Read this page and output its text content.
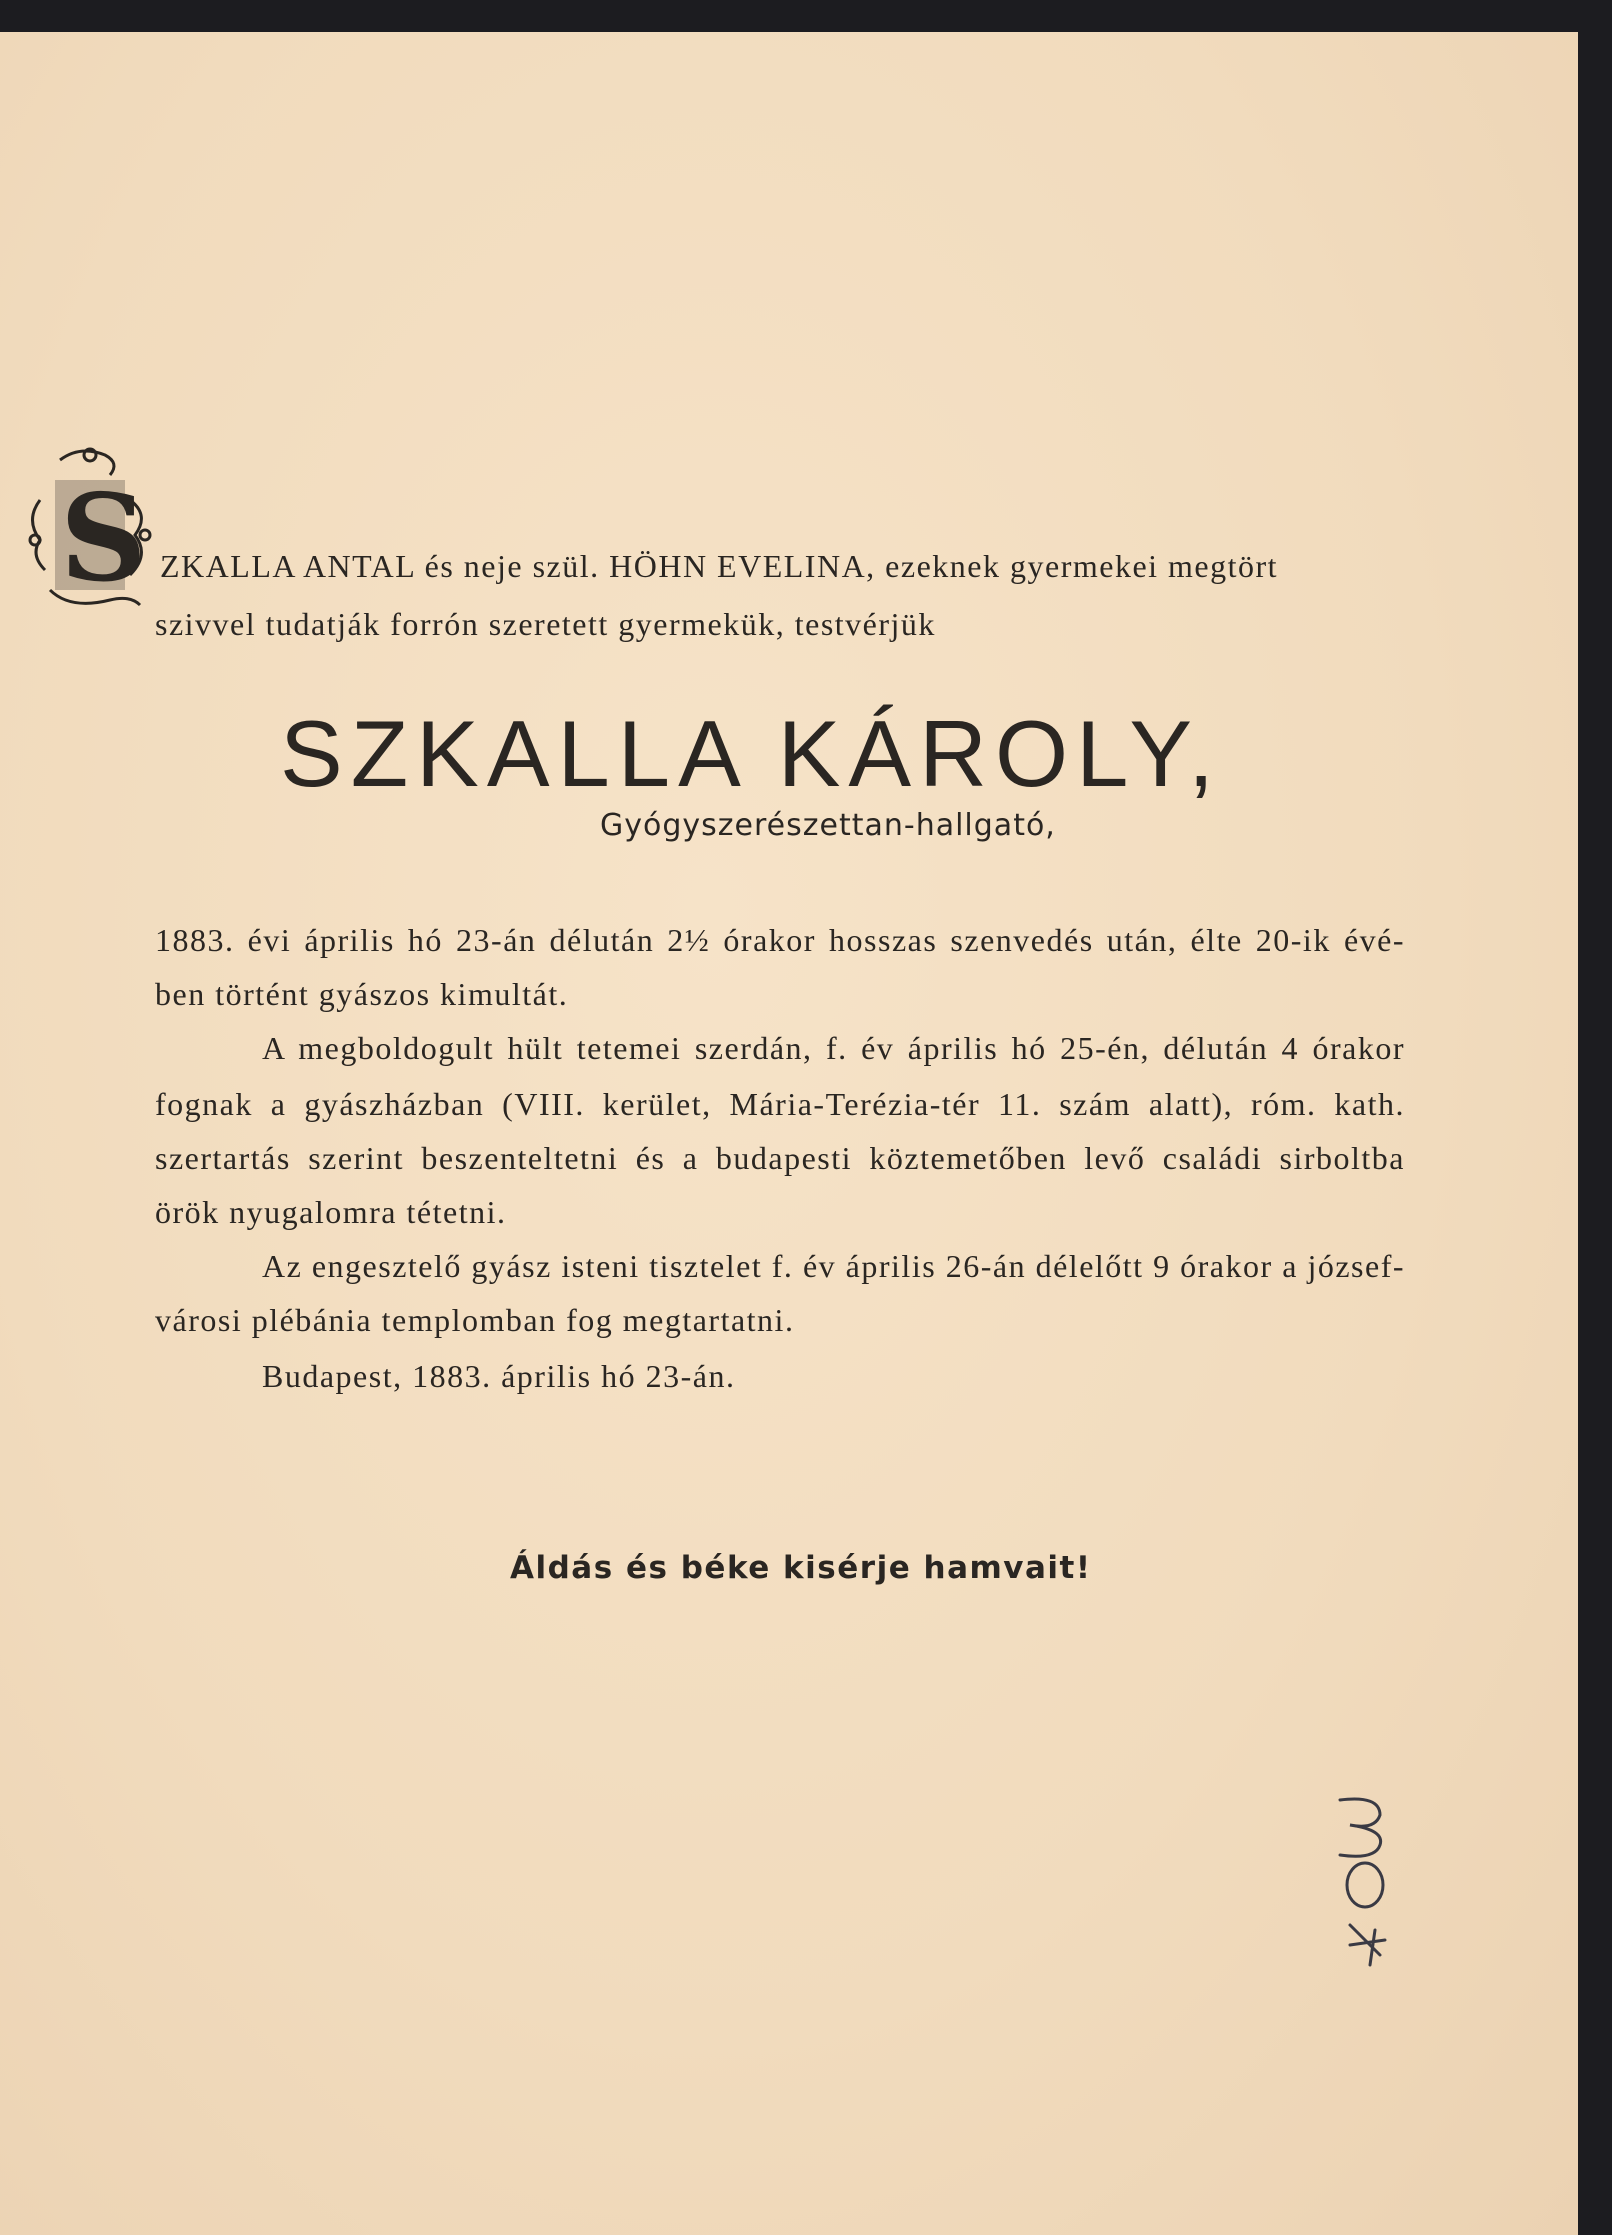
S ZKALLA ANTAL és neje szül. HÖHN EVELINA, ezeknek gyermekei megtört
szivvel tudatják forrón szeretett gyermekük, testvérjük
SZKALLA KÁROLY,
Gyógyszerészettan-hallgató,
1883. évi április hó 23-án délután 2½ órakor hosszas szenvedés után, élte 20-ik évé-
ben történt gyászos kimultát.
A megboldogult hült tetemei szerdán, f. év április hó 25-én, délután 4 órakor
fognak a gyászházban (VIII. kerület, Mária-Terézia-tér 11. szám alatt), róm. kath.
szertartás szerint beszenteltetni és a budapesti köztemetőben levő családi sirboltba
örök nyugalomra tétetni.
Az engesztelő gyász isteni tisztelet f. év április 26-án délelőtt 9 órakor a józsef-
városi plébánia templomban fog megtartatni.
Budapest, 1883. április hó 23-án.
Áldás és béke kisérje hamvait!
